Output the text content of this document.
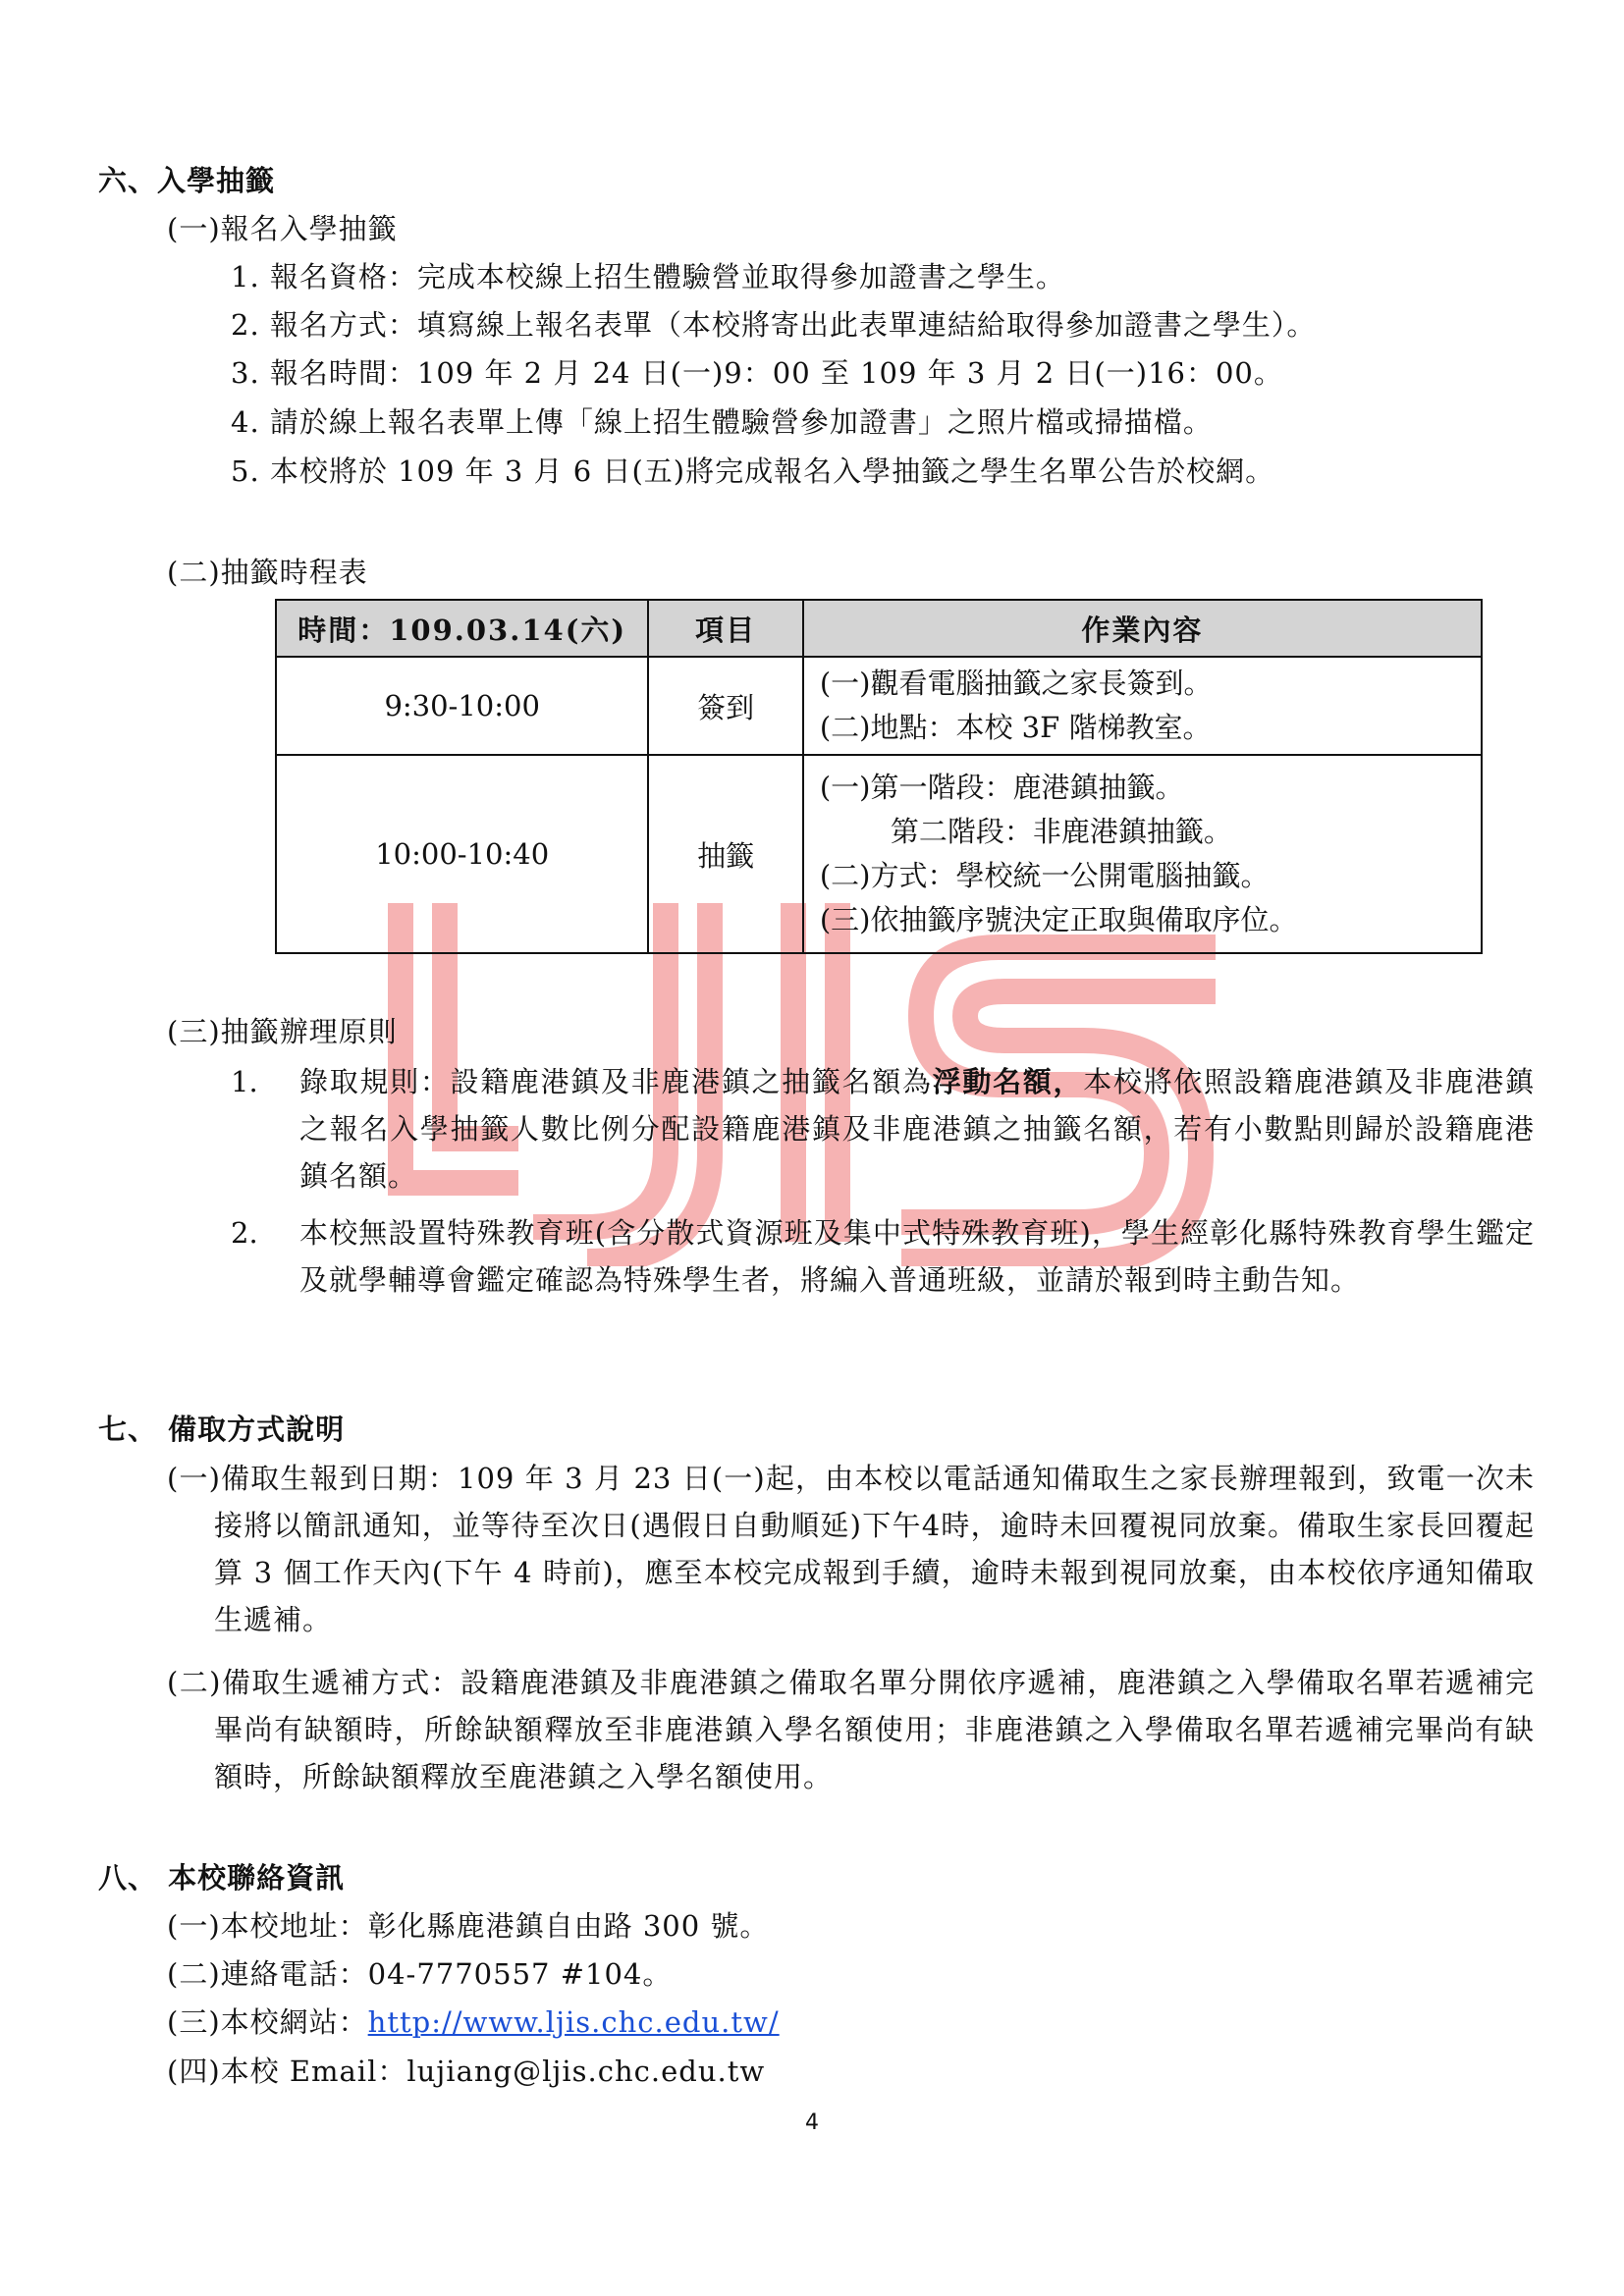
六、入學抽籤
(一)報名入學抽籤
1. 報名資格：完成本校線上招生體驗營並取得參加證書之學生。
2. 報名方式：填寫線上報名表單（本校將寄出此表單連結給取得參加證書之學生）。
3. 報名時間：109 年 2 月 24 日(一)9：00 至 109 年 3 月 2 日(一)16：00。
4. 請於線上報名表單上傳「線上招生體驗營參加證書」之照片檔或掃描檔。
5. 本校將於 109 年 3 月 6 日(五)將完成報名入學抽籤之學生名單公告於校網。
(二)抽籤時程表
時間：109.03.14(六)	項目	作業內容
9:30-10:00	簽到	(一)觀看電腦抽籤之家長簽到。
(二)地點：本校 3F 階梯教室。

10:00-10:40	抽籤	(一)第一階段：鹿港鎮抽籤。
第二階段：非鹿港鎮抽籤。
(二)方式：學校統一公開電腦抽籤。
(三)依抽籤序號決定正取與備取序位。
(三)抽籤辦理原則
1. 錄取規則：設籍鹿港鎮及非鹿港鎮之抽籤名額為浮動名額，本校將依照設籍鹿港鎮及非鹿港鎮之報名入學抽籤人數比例分配設籍鹿港鎮及非鹿港鎮之抽籤名額，若有小數點則歸於設籍鹿港鎮名額。
2. 本校無設置特殊教育班(含分散式資源班及集中式特殊教育班)，學生經彰化縣特殊教育學生鑑定及就學輔導會鑑定確認為特殊學生者，將編入普通班級，並請於報到時主動告知。
七、 備取方式說明
(一)備取生報到日期：109 年 3 月 23 日(一)起，由本校以電話通知備取生之家長辦理報到，致電一次未接將以簡訊通知，並等待至次日(遇假日自動順延)下午4時，逾時未回覆視同放棄。備取生家長回覆起算 3 個工作天內(下午 4 時前)，應至本校完成報到手續，逾時未報到視同放棄，由本校依序通知備取生遞補。
(二)備取生遞補方式：設籍鹿港鎮及非鹿港鎮之備取名單分開依序遞補，鹿港鎮之入學備取名單若遞補完畢尚有缺額時，所餘缺額釋放至非鹿港鎮入學名額使用；非鹿港鎮之入學備取名單若遞補完畢尚有缺額時，所餘缺額釋放至鹿港鎮之入學名額使用。
八、 本校聯絡資訊
(一)本校地址：彰化縣鹿港鎮自由路 300 號。
(二)連絡電話：04-7770557 #104。
(三)本校網站：http://www.ljis.chc.edu.tw/
(四)本校 Email：lujiang@ljis.chc.edu.tw
4
